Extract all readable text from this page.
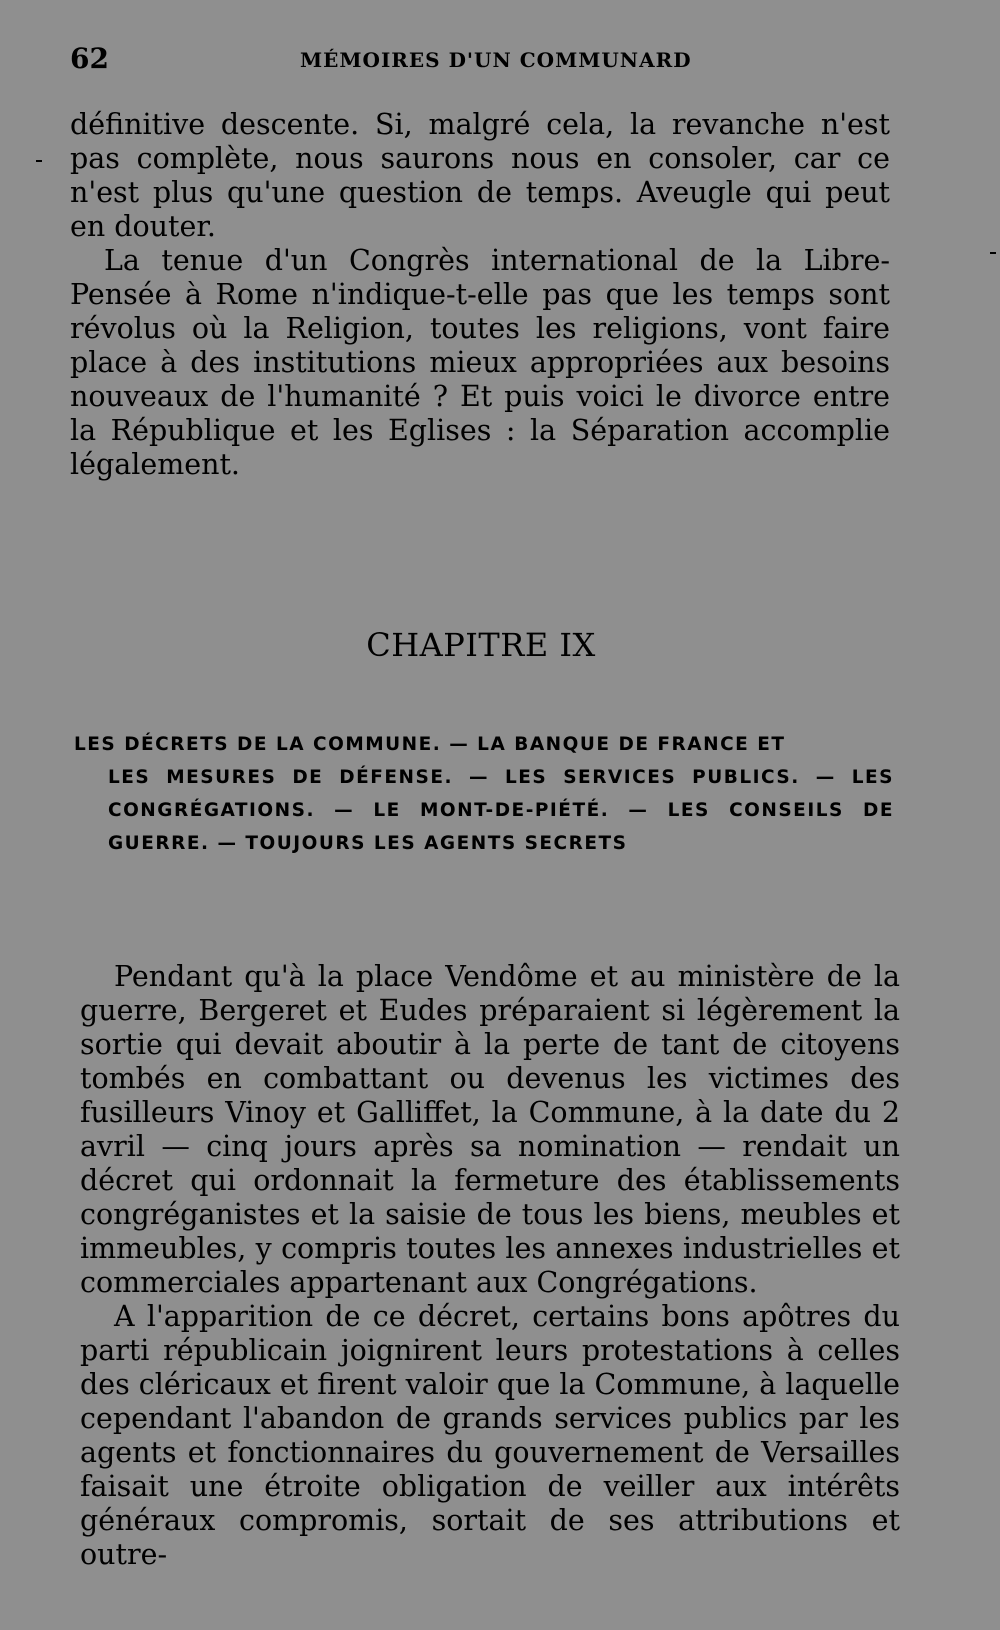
62	MÉMOIRES D'UN COMMUNARD

définitive descente. Si, malgré cela, la revanche n'est pas complète, nous saurons nous en consoler, car ce n'est plus qu'une question de temps. Aveugle qui peut en douter.

La tenue d'un Congrès international de la Libre-Pensée à Rome n'indique-t-elle pas que les temps sont révolus où la Religion, toutes les religions, vont faire place à des institutions mieux appropriées aux besoins nouveaux de l'humanité ? Et puis voici le divorce entre la République et les Eglises : la Séparation accomplie légalement.

CHAPITRE IX
LES DÉCRETS DE LA COMMUNE. — LA BANQUE DE FRANCE ET
LES MESURES DE DÉFENSE. — LES SERVICES PUBLICS. — LES CONGRÉGATIONS. — LE MONT-DE-PIÉTÉ. — LES CONSEILS DE GUERRE. — TOUJOURS LES AGENTS SECRETS

Pendant qu'à la place Vendôme et au ministère de la guerre, Bergeret et Eudes préparaient si légèrement la sortie qui devait aboutir à la perte de tant de citoyens tombés en combattant ou devenus les victimes des fusilleurs Vinoy et Galliffet, la Commune, à la date du 2 avril — cinq jours après sa nomination — rendait un décret qui ordonnait la fermeture des établissements congréganistes et la saisie de tous les biens, meubles et immeubles, y compris toutes les annexes industrielles et commerciales appartenant aux Congrégations.

A l'apparition de ce décret, certains bons apôtres du parti républicain joignirent leurs protestations à celles des cléricaux et firent valoir que la Commune, à laquelle cependant l'abandon de grands services publics par les agents et fonctionnaires du gouvernement de Versailles faisait une étroite obligation de veiller aux intérêts généraux compromis, sortait de ses attributions et outre-
